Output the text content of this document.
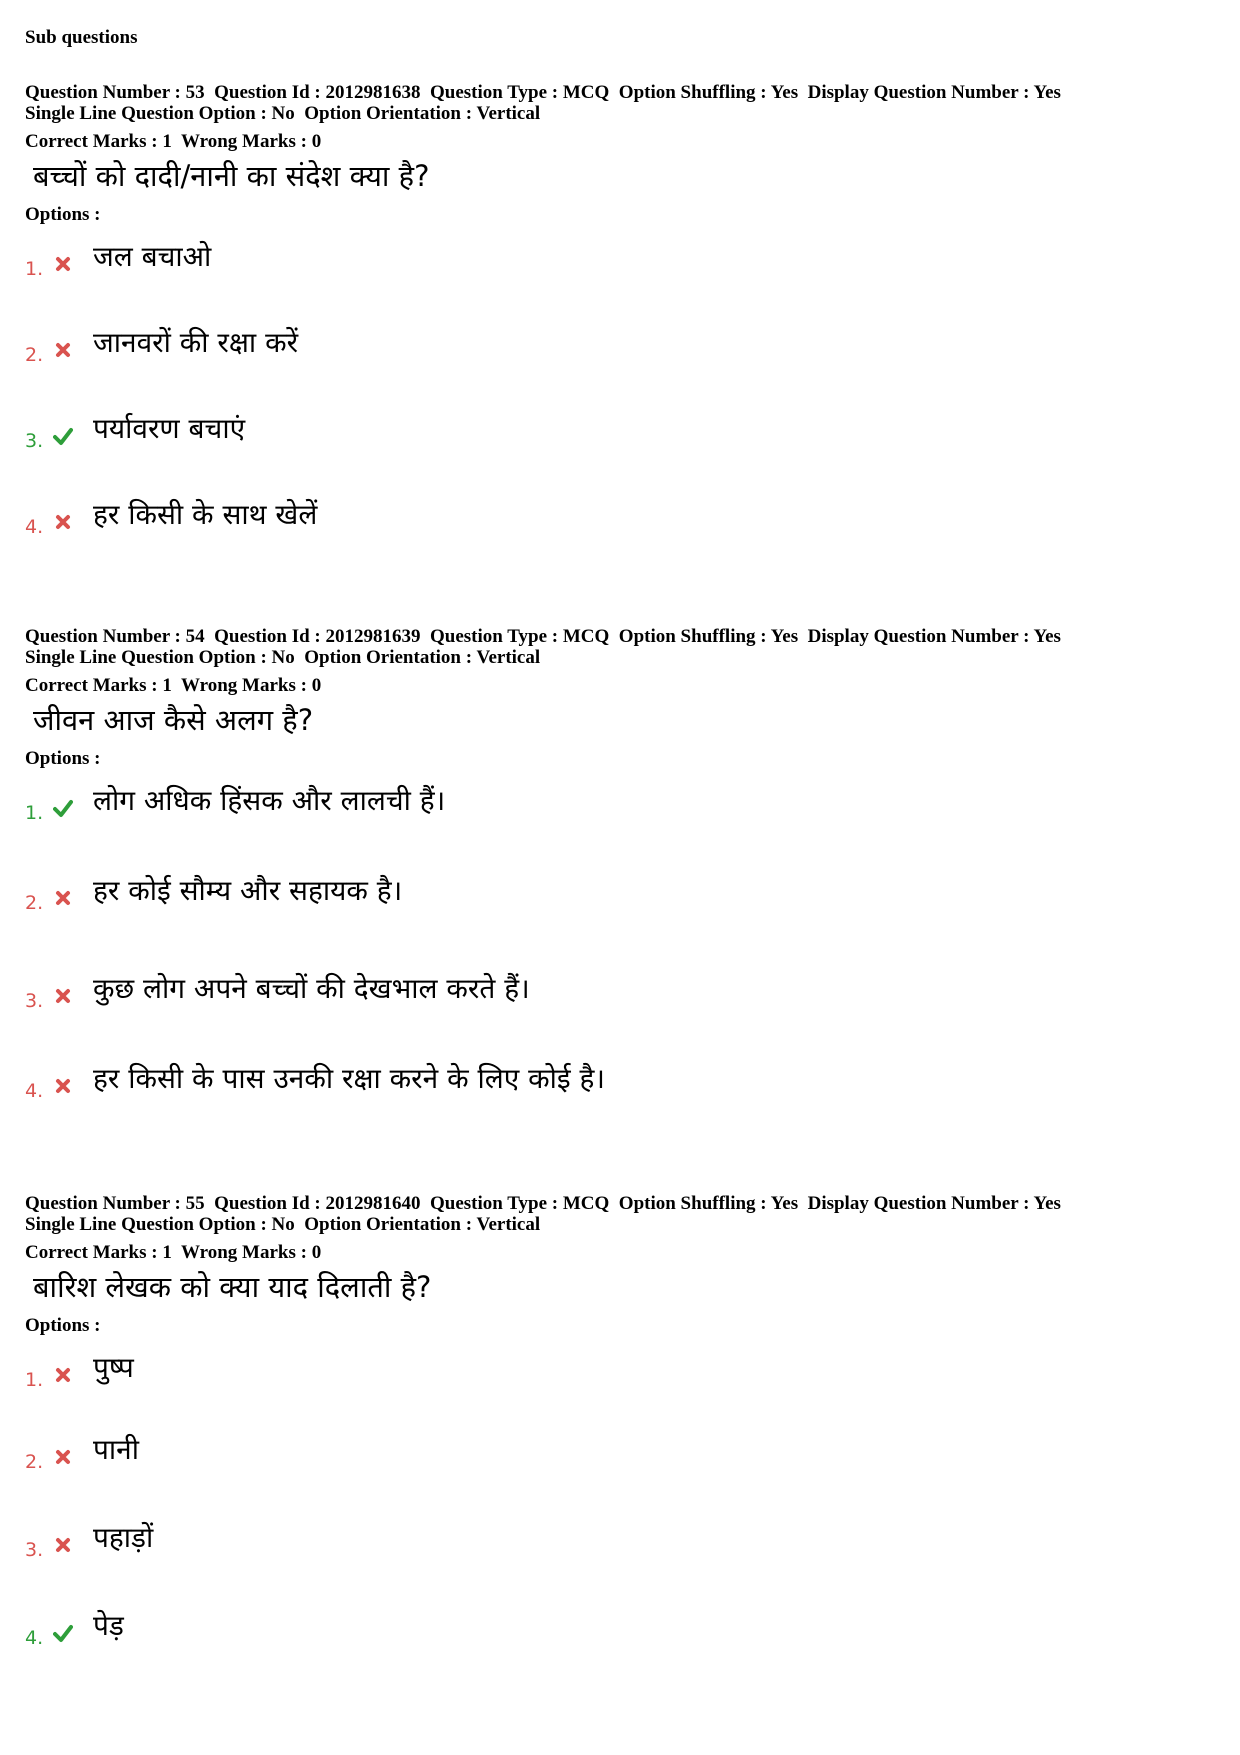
Sub questions
Question Number : 53  Question Id : 2012981638  Question Type : MCQ  Option Shuffling : Yes  Display Question Number : Yes
Single Line Question Option : No  Option Orientation : Vertical
Correct Marks : 1  Wrong Marks : 0
बच्चों को दादी/नानी का संदेश क्या है?
Options :
1. जल बचाओ
2. जानवरों की रक्षा करें
3. पर्यावरण बचाएं
4. हर किसी के साथ खेलें
Question Number : 54  Question Id : 2012981639  Question Type : MCQ  Option Shuffling : Yes  Display Question Number : Yes
Single Line Question Option : No  Option Orientation : Vertical
Correct Marks : 1  Wrong Marks : 0
जीवन आज कैसे अलग है?
Options :
1. लोग अधिक हिंसक और लालची हैं।
2. हर कोई सौम्य और सहायक है।
3. कुछ लोग अपने बच्चों की देखभाल करते हैं।
4. हर किसी के पास उनकी रक्षा करने के लिए कोई है।
Question Number : 55  Question Id : 2012981640  Question Type : MCQ  Option Shuffling : Yes  Display Question Number : Yes
Single Line Question Option : No  Option Orientation : Vertical
Correct Marks : 1  Wrong Marks : 0
बारिश लेखक को क्या याद दिलाती है?
Options :
1. पुष्प
2. पानी
3. पहाड़ों
4. पेड़
